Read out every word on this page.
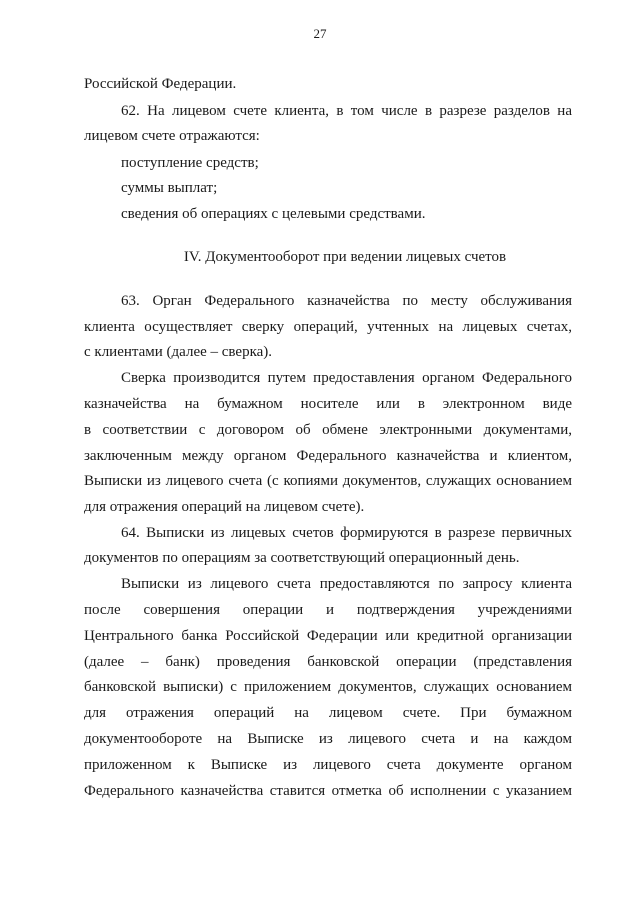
27
Российской Федерации.
62. На лицевом счете клиента, в том числе в разрезе разделов на
лицевом счете отражаются:
поступление средств;
суммы выплат;
сведения об операциях с целевыми средствами.
IV. Документооборот при ведении лицевых счетов
63. Орган Федерального казначейства по месту обслуживания
клиента осуществляет сверку операций, учтенных на лицевых счетах,
с клиентами (далее – сверка).
Сверка производится путем предоставления органом Федерального
казначейства на бумажном носителе или в электронном виде
в соответствии с договором об обмене электронными документами,
заключенным между органом Федерального казначейства и клиентом,
Выписки из лицевого счета (с копиями документов, служащих основанием
для отражения операций на лицевом счете).
64. Выписки из лицевых счетов формируются в разрезе первичных
документов по операциям за соответствующий операционный день.
Выписки из лицевого счета предоставляются по запросу клиента
после совершения операции и подтверждения учреждениями
Центрального банка Российской Федерации или кредитной организации
(далее – банк) проведения банковской операции (представления
банковской выписки) с приложением документов, служащих основанием
для отражения операций на лицевом счете. При бумажном
документообороте на Выписке из лицевого счета и на каждом
приложенном к Выписке из лицевого счета документе органом
Федерального казначейства ставится отметка об исполнении с указанием
